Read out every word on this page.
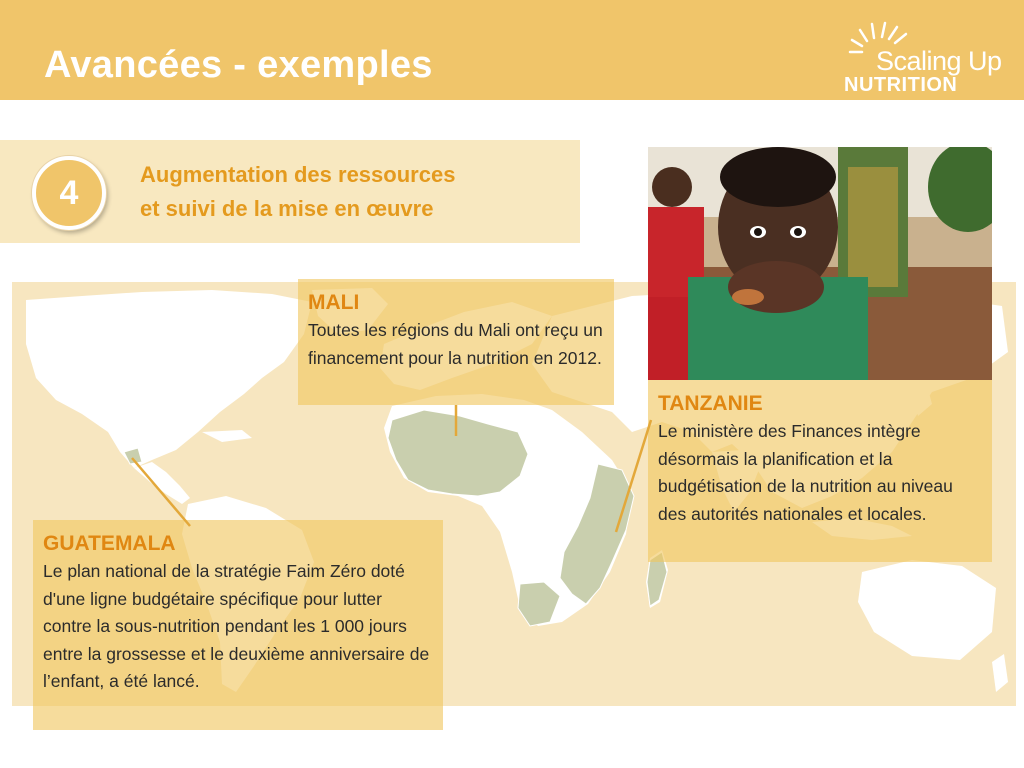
Avancées - exemples	Scaling Up
NUTRITION
4	Augmentation des ressources
et suivi de la mise en œuvre

MALI

Toutes les régions du Mali ont reçu un financement pour la nutrition en 2012.

TANZANIE

Le ministère des Finances intègre désormais la planification et la budgétisation de la nutrition au niveau des autorités nationales et locales.

GUATEMALA

Le plan national de la stratégie Faim Zéro doté d'une ligne budgétaire spécifique pour lutter contre la sous-nutrition pendant les 1 000 jours entre la grossesse et le deuxième anniversaire de l’enfant, a été lancé.
